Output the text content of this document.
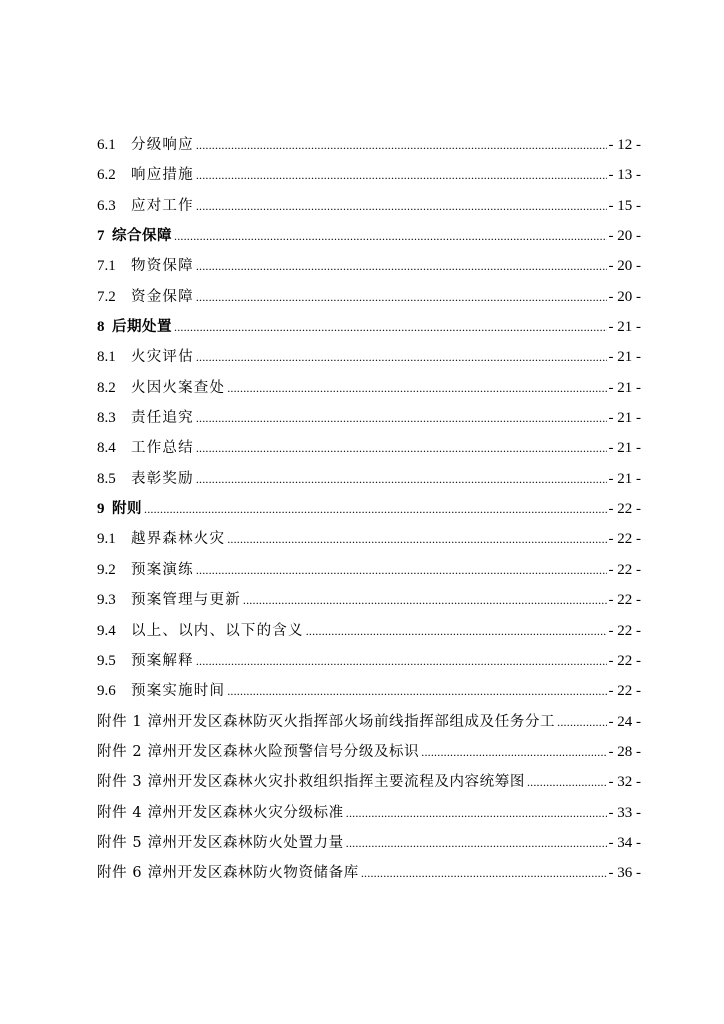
6.1	分级响应 .....	- 12 -
6.2	响应措施 .....	- 13 -
6.3	应对工作 .....	- 15 -
7 综合保障 .....	- 20 -
7.1	物资保障 .....	- 20 -
7.2	资金保障 .....	- 20 -
8 后期处置 .....	- 21 -
8.1	火灾评估 .....	- 21 -
8.2	火因火案查处 .....	- 21 -
8.3	责任追究 .....	- 21 -
8.4	工作总结 .....	- 21 -
8.5	表彰奖励 .....	- 21 -
9 附则 .....	- 22 -
9.1	越界森林火灾 .....	- 22 -
9.2	预案演练 .....	- 22 -
9.3	预案管理与更新 .....	- 22 -
9.4	以上、以内、以下的含义 .....	- 22 -
9.5	预案解释 .....	- 22 -
9.6	预案实施时间 .....	- 22 -
附件 1 漳州开发区森林防灭火指挥部火场前线指挥部组成及任务分工 .....	- 24 -
附件 2 漳州开发区森林火险预警信号分级及标识 .....	- 28 -
附件 3 漳州开发区森林火灾扑救组织指挥主要流程及内容统筹图 .....	- 32 -
附件 4 漳州开发区森林火灾分级标准 .....	- 33 -
附件 5 漳州开发区森林防火处置力量 .....	- 34 -
附件 6 漳州开发区森林防火物资储备库 .....	- 36 -
